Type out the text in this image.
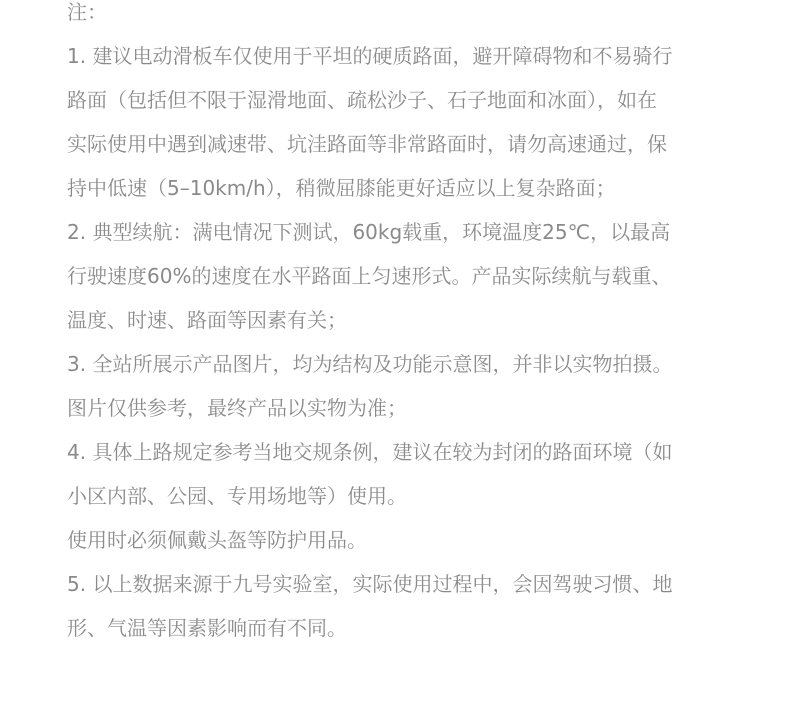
注：
1. 建议电动滑板车仅使用于平坦的硬质路面，避开障碍物和不易骑行
路面（包括但不限于湿滑地面、疏松沙子、石子地面和冰面），如在
实际使用中遇到减速带、坑洼路面等非常路面时，请勿高速通过，保
持中低速（5–10km/h），稍微屈膝能更好适应以上复杂路面；
2. 典型续航：满电情况下测试，60kg载重，环境温度25℃，以最高
行驶速度60%的速度在水平路面上匀速形式。产品实际续航与载重、
温度、时速、路面等因素有关；
3. 全站所展示产品图片，均为结构及功能示意图，并非以实物拍摄。
图片仅供参考，最终产品以实物为准；
4. 具体上路规定参考当地交规条例，建议在较为封闭的路面环境（如
小区内部、公园、专用场地等）使用。
使用时必须佩戴头盔等防护用品。
5. 以上数据来源于九号实验室，实际使用过程中，会因驾驶习惯、地
形、气温等因素影响而有不同。
